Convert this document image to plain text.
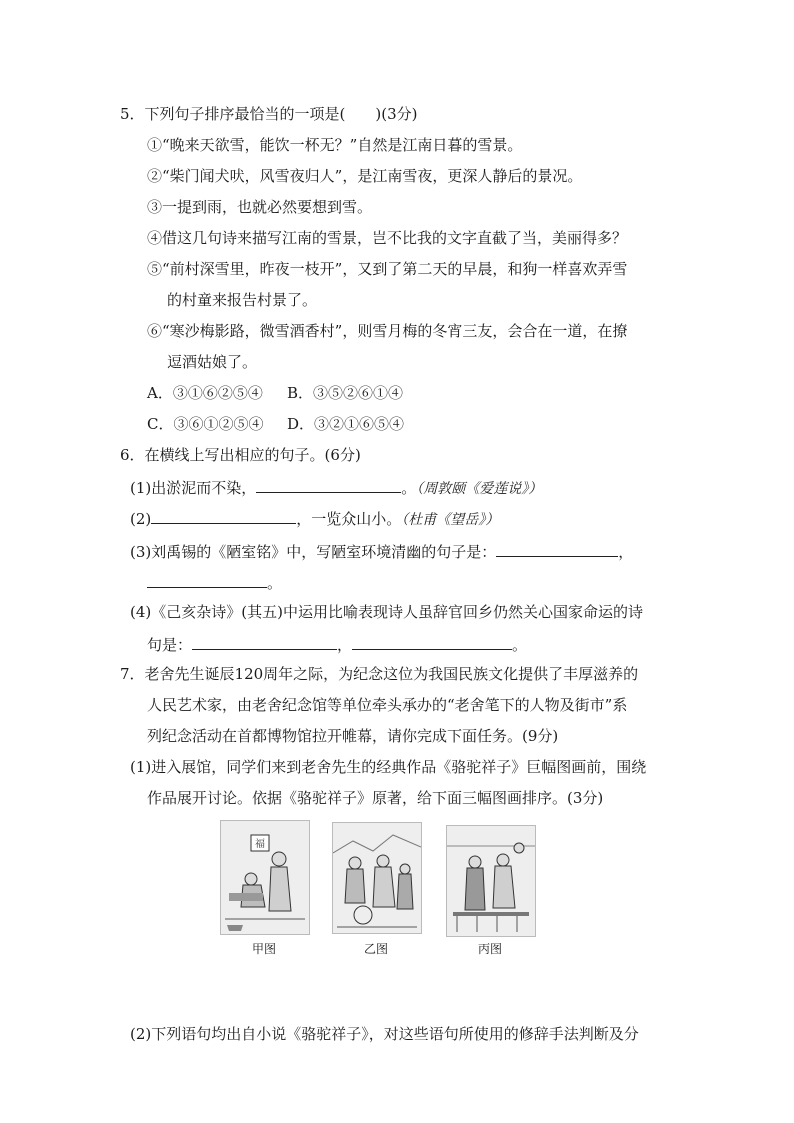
5．下列句子排序最恰当的一项是(　　)(3分)
①“晚来天欲雪，能饮一杯无？”自然是江南日暮的雪景。
②“柴门闻犬吠，风雪夜归人”，是江南雪夜，更深人静后的景况。
③一提到雨，也就必然要想到雪。
④借这几句诗来描写江南的雪景，岂不比我的文字直截了当，美丽得多？
⑤“前村深雪里，昨夜一枝开”，又到了第二天的早晨，和狗一样喜欢弄雪
的村童来报告村景了。
⑥“寒沙梅影路，微雪酒香村”，则雪月梅的冬宵三友，会合在一道，在撩
逗酒姑娘了。
A．③①⑥②⑤④ B．③⑤②⑥①④
C．③⑥①②⑤④ D．③②①⑥⑤④
6．在横线上写出相应的句子。(6分)
(1)出淤泥而不染，	。（周敦颐《爱莲说》）
(2)	，一览众山小。（杜甫《望岳》）
(3)刘禹锡的《陋室铭》中，写陋室环境清幽的句子是：	，
。
(4)《己亥杂诗》(其五)中运用比喻表现诗人虽辞官回乡仍然关心国家命运的诗
句是：	，	。
7．老舍先生诞辰120周年之际，为纪念这位为我国民族文化提供了丰厚滋养的
人民艺术家，由老舍纪念馆等单位牵头承办的“老舍笔下的人物及街市”系
列纪念活动在首都博物馆拉开帷幕，请你完成下面任务。(9分)
(1)进入展馆，同学们来到老舍先生的经典作品《骆驼祥子》巨幅图画前，围绕
作品展开讨论。依据《骆驼祥子》原著，给下面三幅图画排序。(3分)
福
甲图	乙图	丙图
(2)下列语句均出自小说《骆驼祥子》，对这些语句所使用的修辞手法判断及分
